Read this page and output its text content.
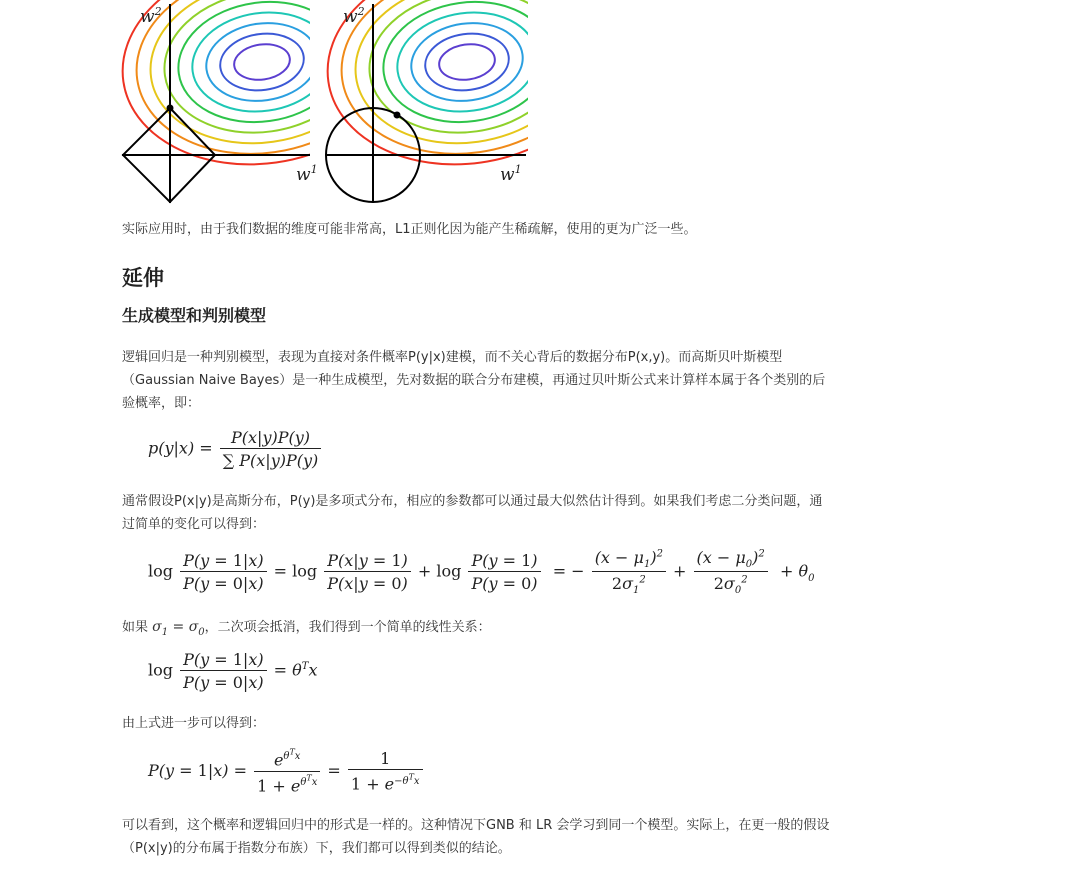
$w^2$
$w^1$
$w^2$
$w^1$
实际应用时，由于我们数据的维度可能非常高，L1正则化因为能产生稀疏解，使用的更为广泛一些。
延伸
生成模型和判别模型
逻辑回归是一种判别模型，表现为直接对条件概率P(y|x)建模，而不关心背后的数据分布P(x,y)。而高斯贝叶斯模型（Gaussian Naive Bayes）是一种生成模型，先对数据的联合分布建模，再通过贝叶斯公式来计算样本属于各个类别的后验概率，即：
$p(y|x) = \frac{P(x|y)P(y)}{\sum P(x|y)P(y)}$
通常假设P(x|y)是高斯分布，P(y)是多项式分布，相应的参数都可以通过最大似然估计得到。如果我们考虑二分类问题，通过简单的变化可以得到：
$\log \frac{P(y = 1|x)}{P(y = 0|x)} = \log \frac{P(x|y = 1)}{P(x|y = 0)} + \log \frac{P(y = 1)}{P(y = 0)}$ = − $\frac{(x - \mu_1)^2}{2\sigma_1^2} + \frac{(x - \mu_0)^2}{2\sigma_0^2} + \theta_0$
如果 $\sigma_1 = \sigma_0$，二次项会抵消，我们得到一个简单的线性关系：
$\log \frac{P(y = 1|x)}{P(y = 0|x)} = \theta^Tx$
由上式进一步可以得到：
$P(y = 1|x) = \frac{e^{\theta^Tx}}{1 + e^{\theta^Tx}} = \frac{1}{1 + e^{-\theta^Tx}}$
可以看到，这个概率和逻辑回归中的形式是一样的。这种情况下GNB 和 LR 会学习到同一个模型。实际上，在更一般的假设（P(x|y)的分布属于指数分布族）下，我们都可以得到类似的结论。
